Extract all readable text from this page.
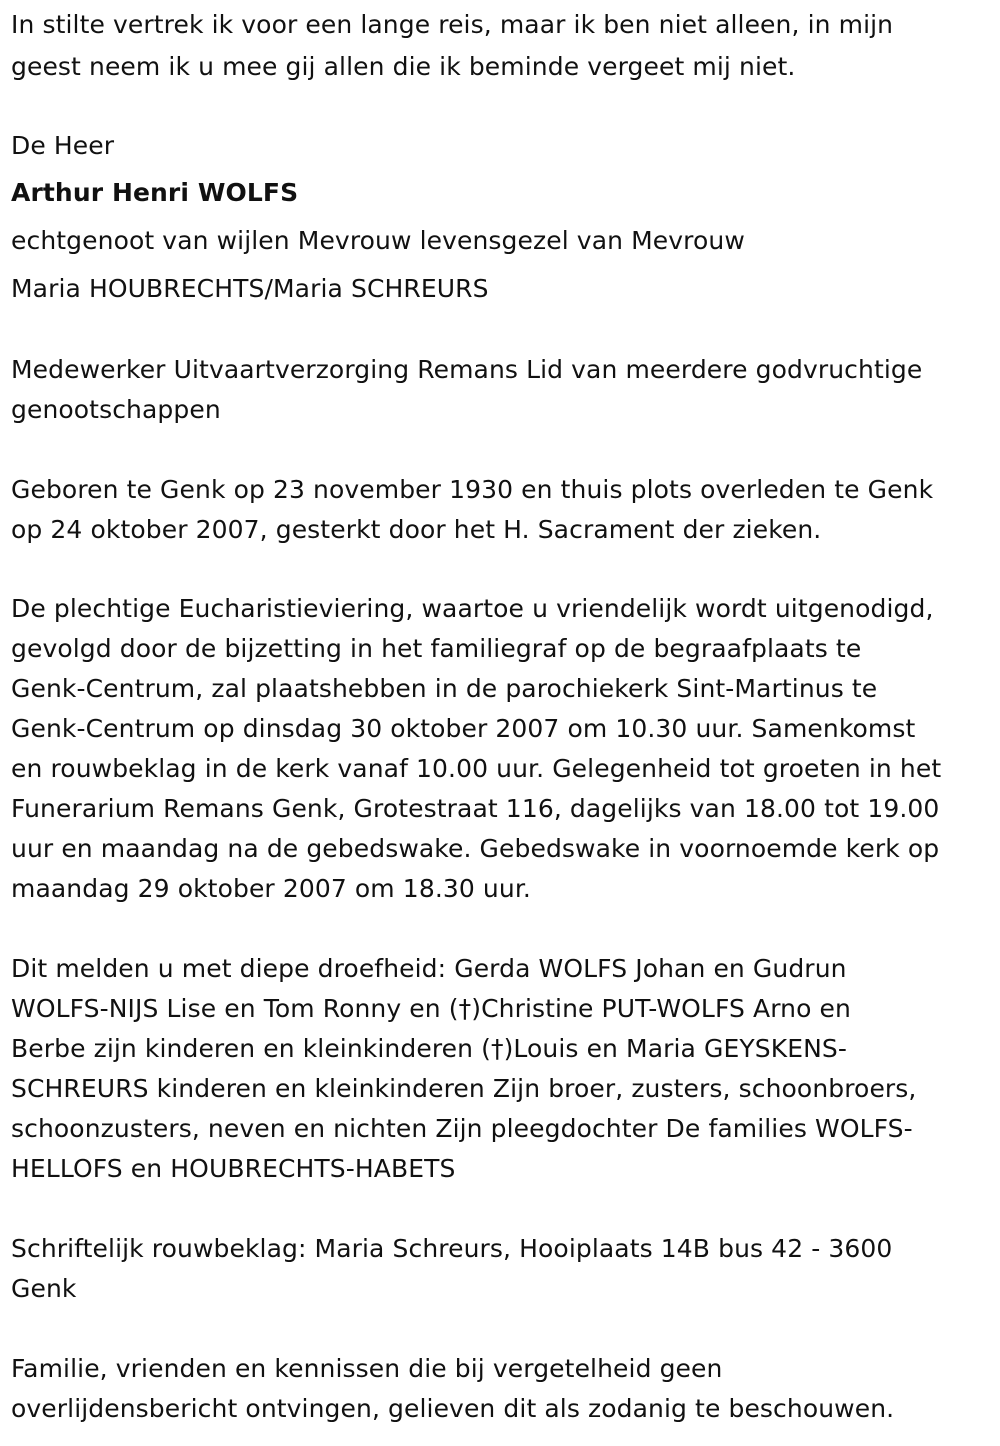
In stilte vertrek ik voor een lange reis, maar ik ben niet alleen, in mijn
geest neem ik u mee gij allen die ik beminde vergeet mij niet.
De Heer
Arthur Henri WOLFS
echtgenoot van wijlen Mevrouw levensgezel van Mevrouw
Maria HOUBRECHTS/Maria SCHREURS
Medewerker Uitvaartverzorging Remans Lid van meerdere godvruchtige
genootschappen
Geboren te Genk op 23 november 1930 en thuis plots overleden te Genk
op 24 oktober 2007, gesterkt door het H. Sacrament der zieken.
De plechtige Eucharistieviering, waartoe u vriendelijk wordt uitgenodigd,
gevolgd door de bijzetting in het familiegraf op de begraafplaats te
Genk-Centrum, zal plaatshebben in de parochiekerk Sint-Martinus te
Genk-Centrum op dinsdag 30 oktober 2007 om 10.30 uur. Samenkomst
en rouwbeklag in de kerk vanaf 10.00 uur. Gelegenheid tot groeten in het
Funerarium Remans Genk, Grotestraat 116, dagelijks van 18.00 tot 19.00
uur en maandag na de gebedswake. Gebedswake in voornoemde kerk op
maandag 29 oktober 2007 om 18.30 uur.
Dit melden u met diepe droefheid: Gerda WOLFS Johan en Gudrun
WOLFS-NIJS Lise en Tom Ronny en (†)Christine PUT-WOLFS Arno en
Berbe zijn kinderen en kleinkinderen (†)Louis en Maria GEYSKENS-
SCHREURS kinderen en kleinkinderen Zijn broer, zusters, schoonbroers,
schoonzusters, neven en nichten Zijn pleegdochter De families WOLFS-
HELLOFS en HOUBRECHTS-HABETS
Schriftelijk rouwbeklag: Maria Schreurs, Hooiplaats 14B bus 42 - 3600
Genk
Familie, vrienden en kennissen die bij vergetelheid geen
overlijdensbericht ontvingen, gelieven dit als zodanig te beschouwen.
